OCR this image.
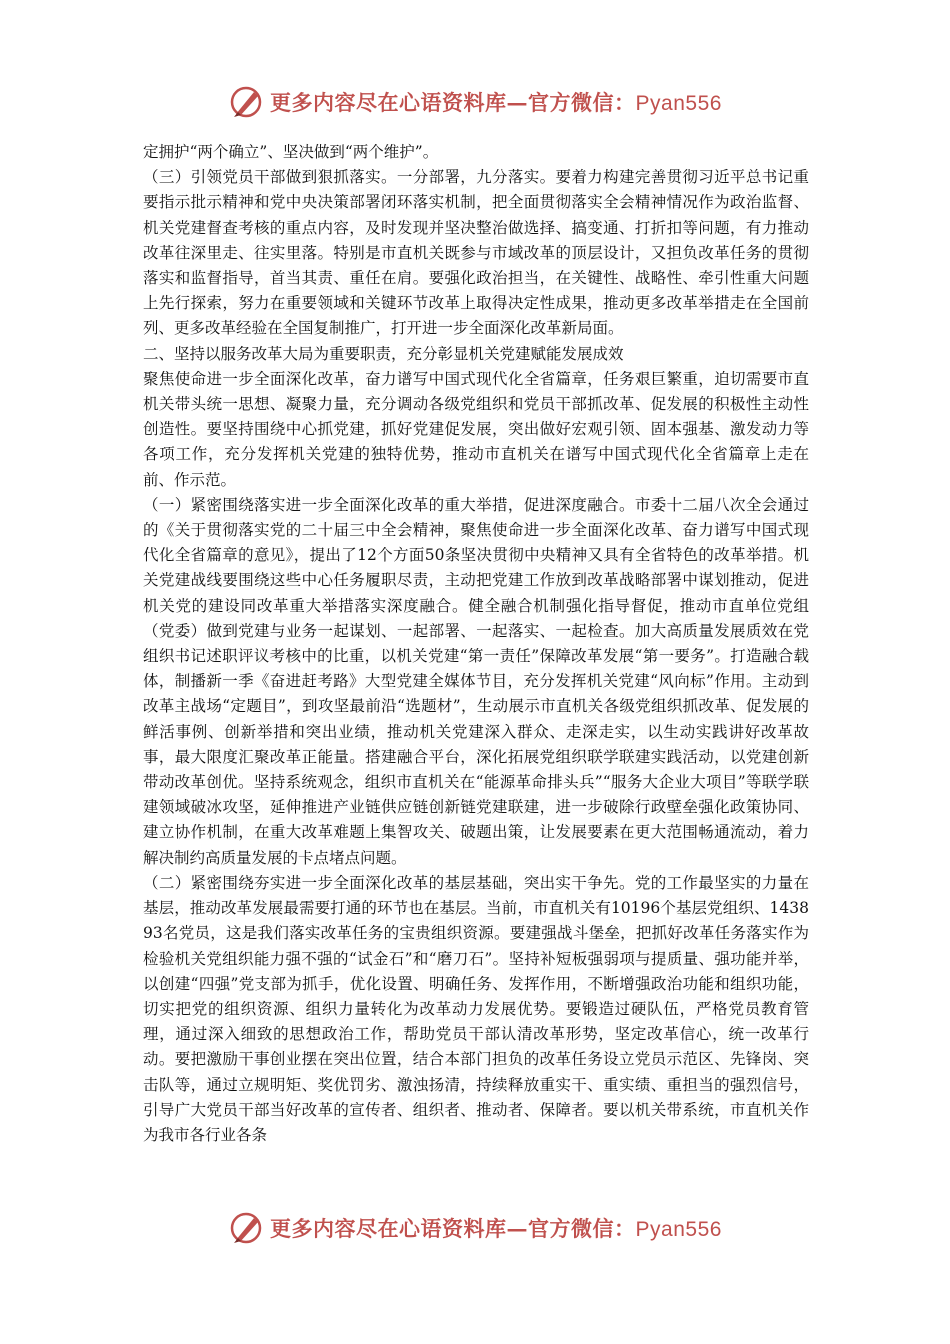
更多内容尽在心语资料库—官方微信：Pyan556

定拥护“两个确立”、坚决做到“两个维护”。

（三）引领党员干部做到狠抓落实。一分部署，九分落实。要着力构建完善贯彻习近平总书记重要指示批示精神和党中央决策部署闭环落实机制，把全面贯彻落实全会精神情况作为政治监督、机关党建督查考核的重点内容，及时发现并坚决整治做选择、搞变通、打折扣等问题，有力推动改革往深里走、往实里落。特别是市直机关既参与市域改革的顶层设计，又担负改革任务的贯彻落实和监督指导，首当其责、重任在肩。要强化政治担当，在关键性、战略性、牵引性重大问题上先行探索，努力在重要领域和关键环节改革上取得决定性成果，推动更多改革举措走在全国前列、更多改革经验在全国复制推广，打开进一步全面深化改革新局面。

二、坚持以服务改革大局为重要职责，充分彰显机关党建赋能发展成效

聚焦使命进一步全面深化改革，奋力谱写中国式现代化全省篇章，任务艰巨繁重，迫切需要市直机关带头统一思想、凝聚力量，充分调动各级党组织和党员干部抓改革、促发展的积极性主动性创造性。要坚持围绕中心抓党建，抓好党建促发展，突出做好宏观引领、固本强基、激发动力等各项工作，充分发挥机关党建的独特优势，推动市直机关在谱写中国式现代化全省篇章上走在前、作示范。

（一）紧密围绕落实进一步全面深化改革的重大举措，促进深度融合。市委十二届八次全会通过的《关于贯彻落实党的二十届三中全会精神，聚焦使命进一步全面深化改革、奋力谱写中国式现代化全省篇章的意见》，提出了12个方面50条坚决贯彻中央精神又具有全省特色的改革举措。机关党建战线要围绕这些中心任务履职尽责，主动把党建工作放到改革战略部署中谋划推动，促进机关党的建设同改革重大举措落实深度融合。健全融合机制强化指导督促，推动市直单位党组（党委）做到党建与业务一起谋划、一起部署、一起落实、一起检查。加大高质量发展质效在党组织书记述职评议考核中的比重，以机关党建“第一责任”保障改革发展“第一要务”。打造融合载体，制播新一季《奋进赶考路》大型党建全媒体节目，充分发挥机关党建“风向标”作用。主动到改革主战场“定题目”，到攻坚最前沿“选题材”，生动展示市直机关各级党组织抓改革、促发展的鲜活事例、创新举措和突出业绩，推动机关党建深入群众、走深走实，以生动实践讲好改革故事，最大限度汇聚改革正能量。搭建融合平台，深化拓展党组织联学联建实践活动，以党建创新带动改革创优。坚持系统观念，组织市直机关在“能源革命排头兵”“服务大企业大项目”等联学联建领域破冰攻坚，延伸推进产业链供应链创新链党建联建，进一步破除行政壁垒强化政策协同、建立协作机制，在重大改革难题上集智攻关、破题出策，让发展要素在更大范围畅通流动，着力解决制约高质量发展的卡点堵点问题。

（二）紧密围绕夯实进一步全面深化改革的基层基础，突出实干争先。党的工作最坚实的力量在基层，推动改革发展最需要打通的环节也在基层。当前，市直机关有10196个基层党组织、143893名党员，这是我们落实改革任务的宝贵组织资源。要建强战斗堡垒，把抓好改革任务落实作为检验机关党组织能力强不强的“试金石”和“磨刀石”。坚持补短板强弱项与提质量、强功能并举，以创建“四强”党支部为抓手，优化设置、明确任务、发挥作用，不断增强政治功能和组织功能，切实把党的组织资源、组织力量转化为改革动力发展优势。要锻造过硬队伍，严格党员教育管理，通过深入细致的思想政治工作，帮助党员干部认清改革形势，坚定改革信心，统一改革行动。要把激励干事创业摆在突出位置，结合本部门担负的改革任务设立党员示范区、先锋岗、突击队等，通过立规明矩、奖优罚劣、激浊扬清，持续释放重实干、重实绩、重担当的强烈信号，引导广大党员干部当好改革的宣传者、组织者、推动者、保障者。要以机关带系统，市直机关作为我市各行业各条

更多内容尽在心语资料库—官方微信：Pyan556
